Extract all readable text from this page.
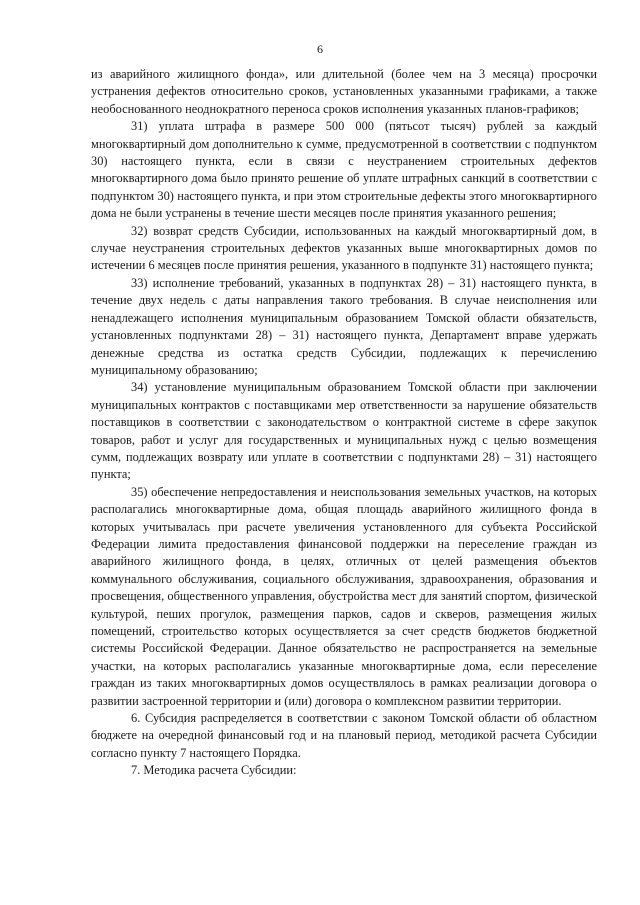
6

из аварийного жилищного фонда», или длительной (более чем на 3 месяца) просрочки устранения дефектов относительно сроков, установленных указанными графиками, а также необоснованного неоднократного переноса сроков исполнения указанных планов-графиков;

31) уплата штрафа в размере 500 000 (пятьсот тысяч) рублей за каждый многоквартирный дом дополнительно к сумме, предусмотренной в соответствии с подпунктом 30) настоящего пункта, если в связи с неустранением строительных дефектов многоквартирного дома было принято решение об уплате штрафных санкций в соответствии с подпунктом 30) настоящего пункта, и при этом строительные дефекты этого многоквартирного дома не были устранены в течение шести месяцев после принятия указанного решения;

32) возврат средств Субсидии, использованных на каждый многоквартирный дом, в случае неустранения строительных дефектов указанных выше многоквартирных домов по истечении 6 месяцев после принятия решения, указанного в подпункте 31) настоящего пункта;

33) исполнение требований, указанных в подпунктах 28) – 31) настоящего пункта, в течение двух недель с даты направления такого требования. В случае неисполнения или ненадлежащего исполнения муниципальным образованием Томской области обязательств, установленных подпунктами 28) – 31) настоящего пункта, Департамент вправе удержать денежные средства из остатка средств Субсидии, подлежащих к перечислению муниципальному образованию;

34) установление муниципальным образованием Томской области при заключении муниципальных контрактов с поставщиками мер ответственности за нарушение обязательств поставщиков в соответствии с законодательством о контрактной системе в сфере закупок товаров, работ и услуг для государственных и муниципальных нужд с целью возмещения сумм, подлежащих возврату или уплате в соответствии с подпунктами 28) – 31) настоящего пункта;

35) обеспечение непредоставления и неиспользования земельных участков, на которых располагались многоквартирные дома, общая площадь аварийного жилищного фонда в которых учитывалась при расчете увеличения установленного для субъекта Российской Федерации лимита предоставления финансовой поддержки на переселение граждан из аварийного жилищного фонда, в целях, отличных от целей размещения объектов коммунального обслуживания, социального обслуживания, здравоохранения, образования и просвещения, общественного управления, обустройства мест для занятий спортом, физической культурой, пеших прогулок, размещения парков, садов и скверов, размещения жилых помещений, строительство которых осуществляется за счет средств бюджетов бюджетной системы Российской Федерации. Данное обязательство не распространяется на земельные участки, на которых располагались указанные многоквартирные дома, если переселение граждан из таких многоквартирных домов осуществлялось в рамках реализации договора о развитии застроенной территории и (или) договора о комплексном развитии территории.

6. Субсидия распределяется в соответствии с законом Томской области об областном бюджете на очередной финансовый год и на плановый период, методикой расчета Субсидии согласно пункту 7 настоящего Порядка.

7. Методика расчета Субсидии:
